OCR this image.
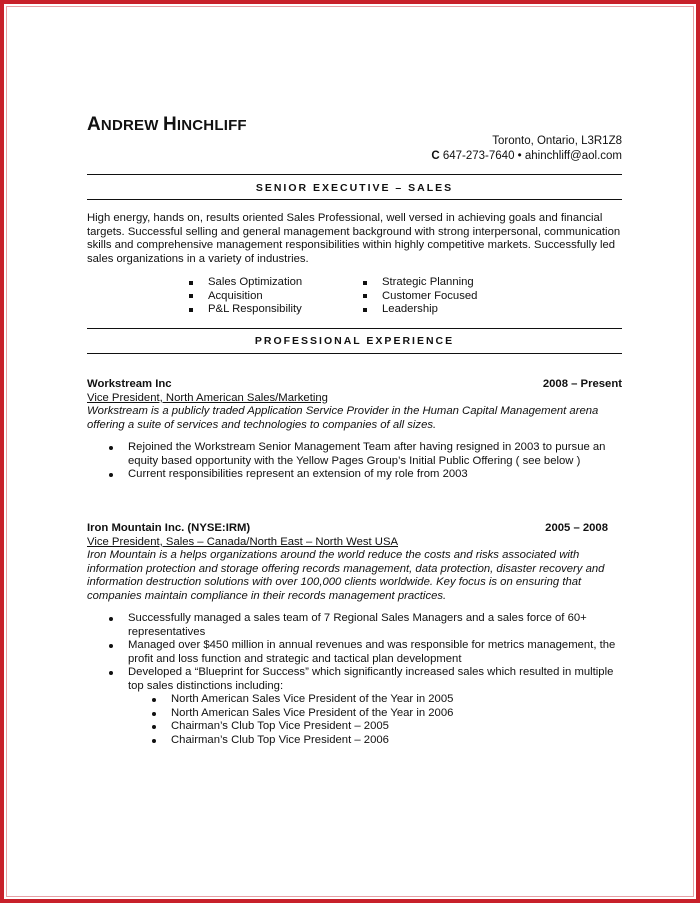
ANDREW HINCHLIFF
Toronto, Ontario, L3R1Z8
C 647-273-7640 • ahinchliff@aol.com
SENIOR EXECUTIVE – SALES
High energy, hands on, results oriented Sales Professional, well versed in achieving goals and financial targets. Successful selling and general management background with strong interpersonal, communication skills and comprehensive management responsibilities within highly competitive markets. Successfully led sales organizations in a variety of industries.
Sales Optimization	Strategic Planning
Acquisition	Customer Focused
P&L Responsibility	Leadership
PROFESSIONAL EXPERIENCE
Workstream Inc	2008 – Present
Vice President, North American Sales/Marketing
Workstream is a publicly traded Application Service Provider in the Human Capital Management arena offering a suite of services and technologies to companies of all sizes.
Rejoined the Workstream Senior Management Team after having resigned in 2003 to pursue an equity based opportunity with the Yellow Pages Group’s Initial Public Offering ( see below )
Current responsibilities represent an extension of my role from 2003
Iron Mountain Inc. (NYSE:IRM)	2005 – 2008
Vice President, Sales – Canada/North East – North West USA
Iron Mountain is a helps organizations around the world reduce the costs and risks associated with information protection and storage offering records management, data protection, disaster recovery and information destruction solutions with over 100,000 clients worldwide. Key focus is on ensuring that companies maintain compliance in their records management practices.
Successfully managed a sales team of 7 Regional Sales Managers and a sales force of 60+ representatives
Managed over $450 million in annual revenues and was responsible for metrics management, the profit and loss function and strategic and tactical plan development
Developed a “Blueprint for Success” which significantly increased sales which resulted in multiple top sales distinctions including:
North American Sales Vice President of the Year in 2005
North American Sales Vice President of the Year in 2006
Chairman’s Club Top Vice President – 2005
Chairman’s Club Top Vice President – 2006
